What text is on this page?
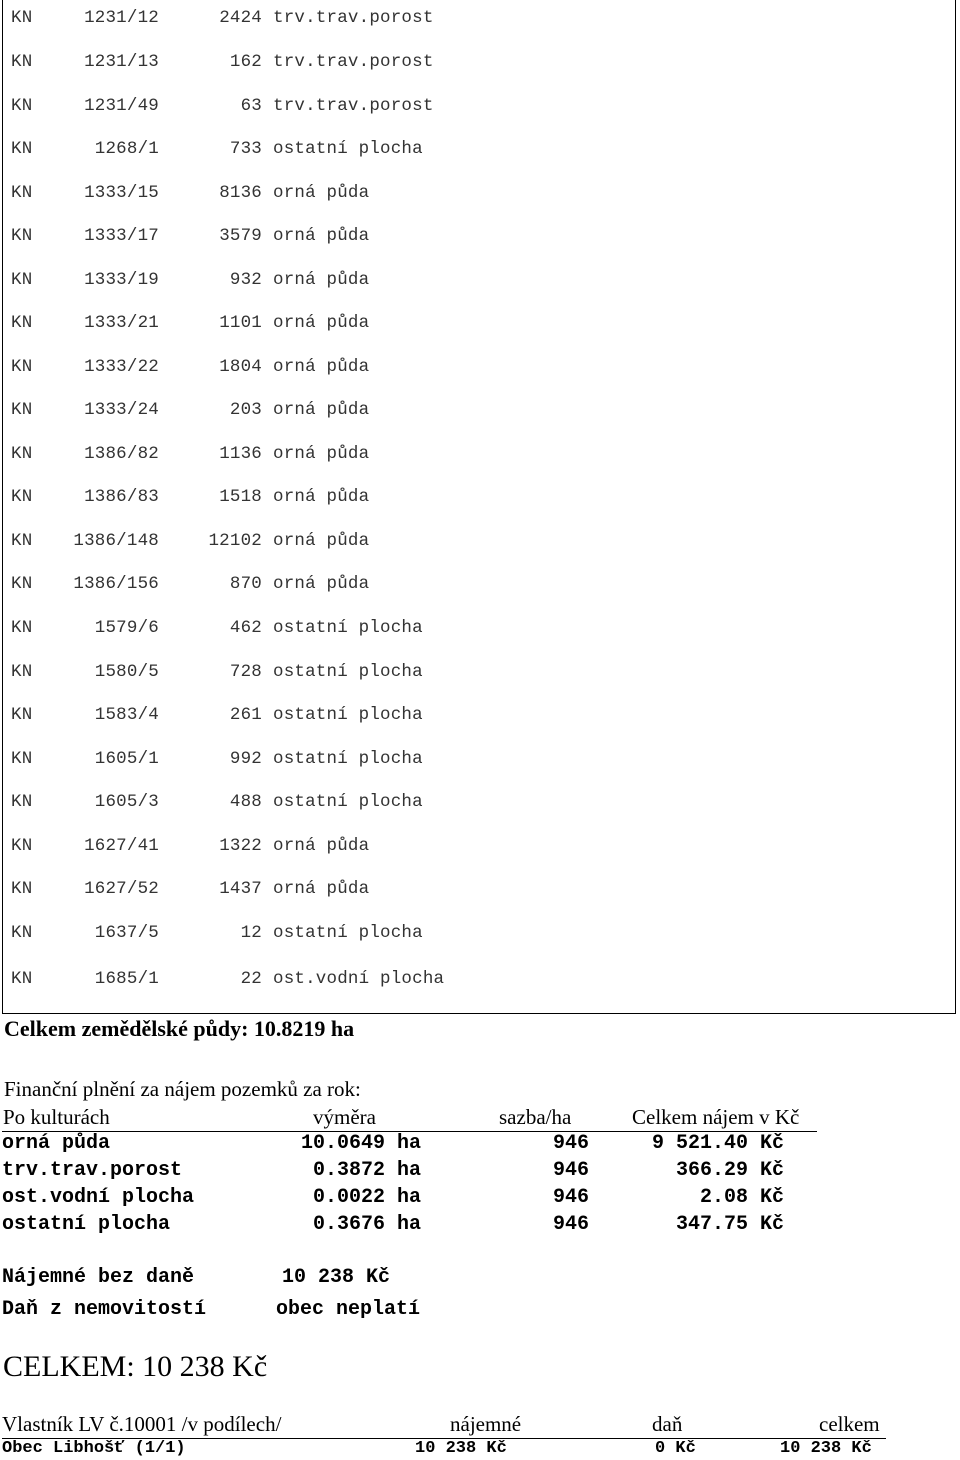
KN	1231/12	2424 trv.trav.porost
KN	1231/13	162 trv.trav.porost
KN	1231/49	63 trv.trav.porost
KN	1268/1	733 ostatní plocha
KN	1333/15	8136 orná půda
KN	1333/17	3579 orná půda
KN	1333/19	932 orná půda
KN	1333/21	1101 orná půda
KN	1333/22	1804 orná půda
KN	1333/24	203 orná půda
KN	1386/82	1136 orná půda
KN	1386/83	1518 orná půda
KN 1386/148	12102 orná půda
KN 1386/156	870 orná půda
KN	1579/6	462 ostatní plocha
KN	1580/5	728 ostatní plocha
KN	1583/4	261 ostatní plocha
KN	1605/1	992 ostatní plocha
KN	1605/3	488 ostatní plocha
KN	1627/41	1322 orná půda
KN	1627/52	1437 orná půda
KN	1637/5	12 ostatní plocha
KN	1685/1	22 ost.vodní plocha
Celkem zemědělské půdy: 10.8219 ha
Finanční plnění za nájem pozemků za rok:
Po kulturách	výměra	sazba/ha	Celkem nájem v Kč
orná půda	10.0649 ha	946	9 521.40 Kč
trv.trav.porost	0.3872 ha	946	366.29 Kč
ost.vodní plocha	0.0022 ha	946	2.08 Kč
ostatní plocha	0.3676 ha	946	347.75 Kč
Nájemné bez daně	10 238 Kč
Daň z nemovitostí	obec neplatí
CELKEM: 10 238 Kč
Vlastník LV č.10001 /v podílech/	nájemné	daň	celkem
Obec Libhošť (1/1)	10 238 Kč	0 Kč	10 238 Kč
